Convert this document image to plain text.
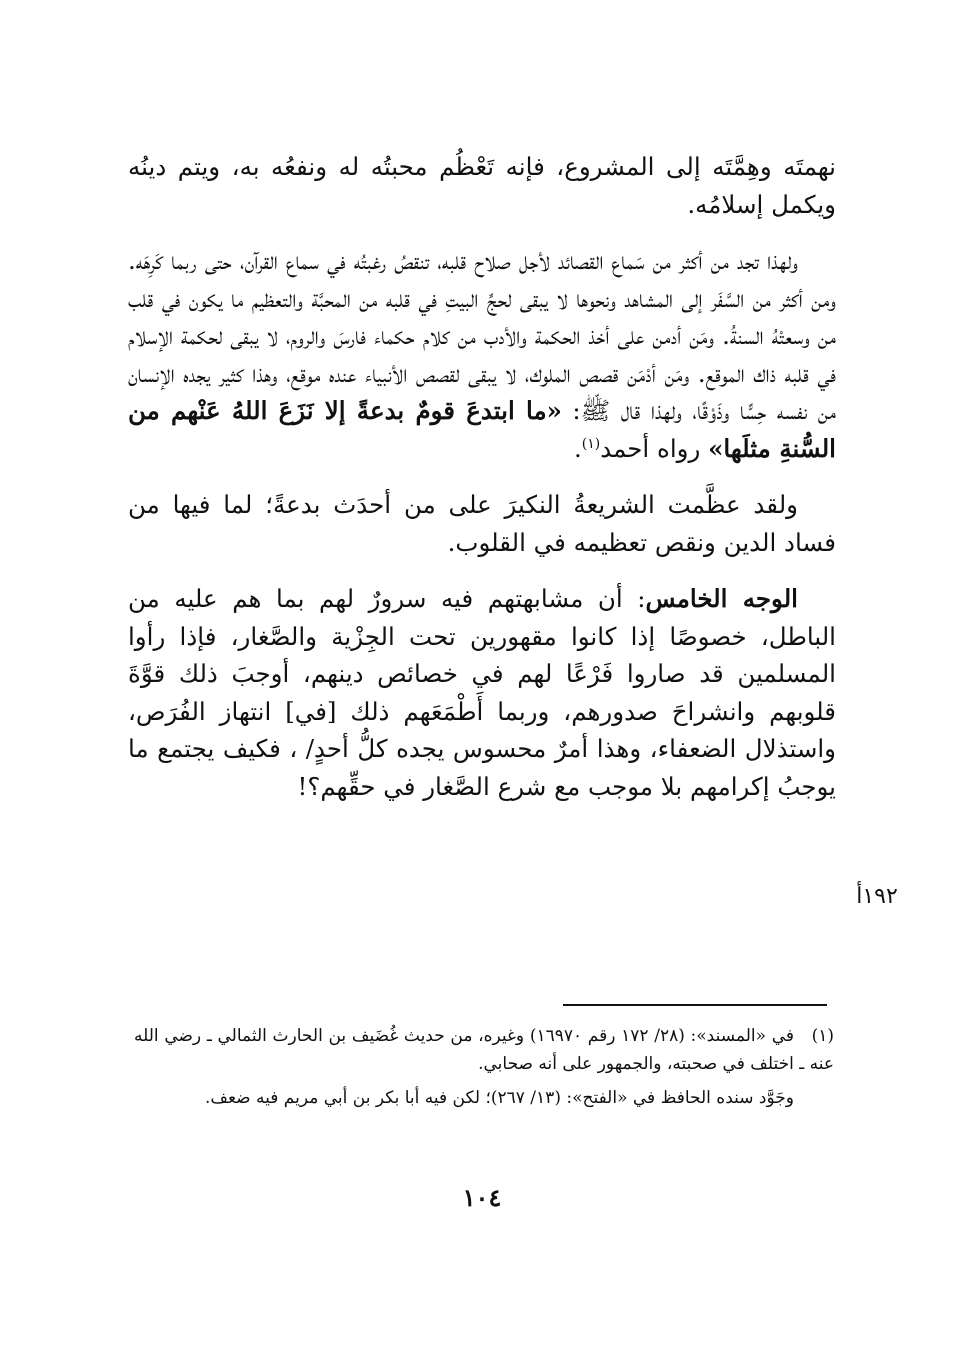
نهمتَه وهِمَّتَه إلى المشروع، فإنه تَعْظُم محبتُه له ونفعُه به، ويتم دينُه ويكمل إسلامُه.

ولهذا تجد من أكثر من سَماع القصائد لأجل صلاح قلبه، تنقصُ رغبتُه في سماع القرآن، حتى ربما كَرِهَه. ومن أكثر من السَّفَر إلى المشاهد ونحوها لا يبقى لحجِّ البيتِ في قلبه من المحبَّة والتعظيم ما يكون في قلب من وسعتْهُ السنةُ. ومَن أدمن على أخذ الحكمة والأدب من كلام حكماء فارسَ والروم، لا يبقى لحكمة الإسلام في قلبه ذاك الموقع. ومَن أدْمَن قصص الملوك، لا يبقى لقصص الأنبياء عنده موقع، وهذا كثير يجده الإنسان من نفسه حِسًّا وذَوْقًا، ولهذا قال ﷺ: «ما ابتدعَ قومٌ بدعةً إلا نَزَعَ اللهُ عَنْهم من السُّنةِ مثلَها» رواه أحمد$^{(١)}$.

ولقد عظَّمت الشريعةُ النكيرَ على من أحدَث بدعةً؛ لما فيها من فساد الدين ونقص تعظيمه في القلوب.

الوجه الخامس: أن مشابهتهم فيه سرورٌ لهم بما هم عليه من الباطل، خصوصًا إذا كانوا مقهورين تحت الجِزْية والصَّغار، فإذا رأوا المسلمين قد صاروا فَرْعًا لهم في خصائص دينهم، أوجبَ ذلك قوَّةَ قلوبهم وانشراحَ صدورهم، وربما أَطْمَعَهم ذلك [في] انتهاز الفُرَص، واستذلال الضعفاء، وهذا أمرٌ محسوس يجده كلُّ أحدٍ/ ، فكيف يجتمع ما يوجبُ إكرامهم بلا موجب مع شرع الصَّغار في حقِّهم؟!

١٩٢أ

(١)في «المسند»: (٢٨/ ١٧٢ رقم ١٦٩٧٠) وغيره، من حديث غُضَيف بن الحارث الثمالي ـ رضي الله عنه ـ اختلف في صحبته، والجمهور على أنه صحابي.

وجَوَّد سنده الحافظ في «الفتح»: (١٣/ ٢٦٧)؛ لكن فيه أبا بكر بن أبي مريم فيه ضعف.

١٠٤
